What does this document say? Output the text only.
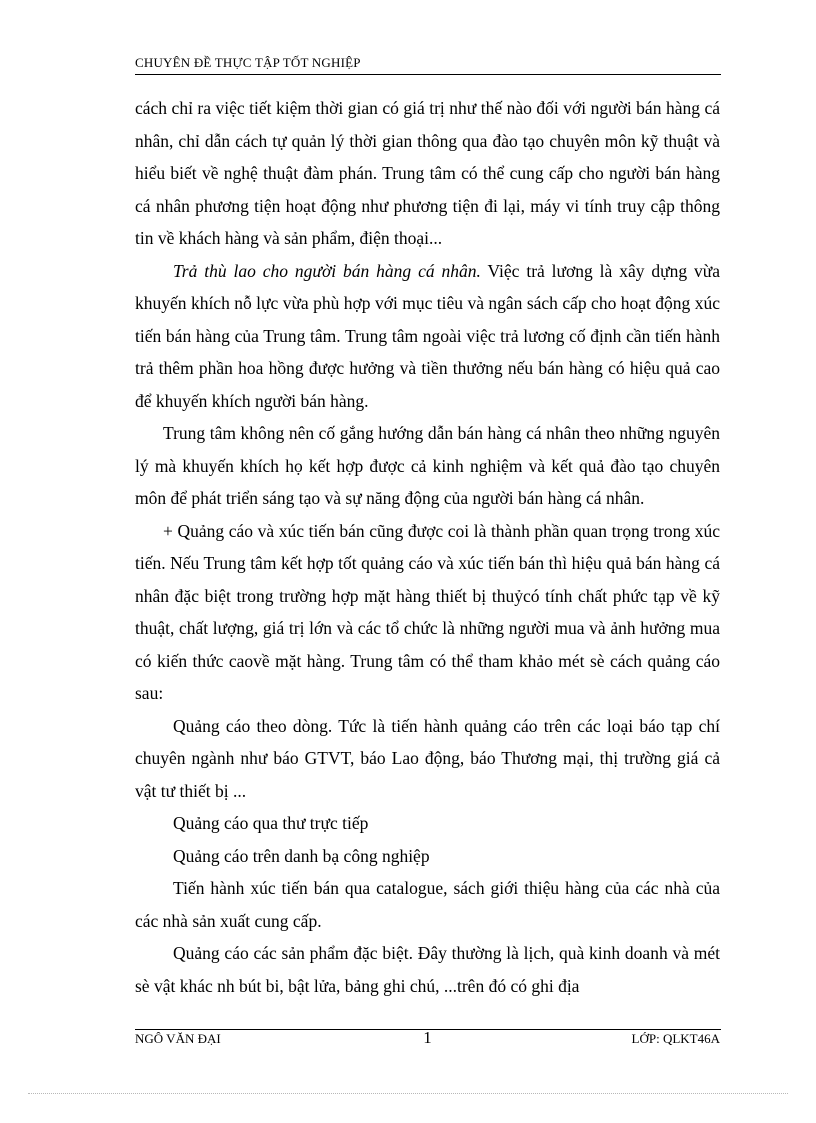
CHUYÊN ĐỀ THỰC TẬP TỐT NGHIỆP

cách chỉ ra việc tiết kiệm thời gian có giá trị như thế nào đối với người bán hàng cá nhân, chỉ dẫn cách tự quản lý thời gian thông qua đào tạo chuyên môn kỹ thuật và hiểu biết về nghệ thuật đàm phán. Trung tâm có thể cung cấp cho người bán hàng cá nhân phương tiện hoạt động như phương tiện đi lại, máy vi tính truy cập thông tin về khách hàng và sản phẩm, điện thoại...

Trả thù lao cho người bán hàng cá nhân. Việc trả lương là xây dựng vừa khuyến khích nỗ lực vừa phù hợp với mục tiêu và ngân sách cấp cho hoạt động xúc tiến bán hàng của Trung tâm. Trung tâm ngoài việc trả lương cố định cần tiến hành trả thêm phần hoa hồng được hưởng và tiền thưởng nếu bán hàng có hiệu quả cao để khuyến khích người bán hàng.

Trung tâm không nên cố gắng hướng dẫn bán hàng cá nhân theo những nguyên lý mà khuyến khích họ kết hợp được cả kinh nghiệm và kết quả đào tạo chuyên môn để phát triển sáng tạo và sự năng động của người bán hàng cá nhân.

+ Quảng cáo và xúc tiến bán cũng được coi là thành phần quan trọng trong xúc tiến. Nếu Trung tâm kết hợp tốt quảng cáo và xúc tiến bán thì hiệu quả bán hàng cá nhân đặc biệt trong trường hợp mặt hàng thiết bị thuỷcó tính chất phức tạp về kỹ thuật, chất lượng, giá trị lớn và các tổ chức là những người mua và ảnh hưởng mua có kiến thức caovề mặt hàng. Trung tâm có thể tham khảo mét sè cách quảng cáo sau:

Quảng cáo theo dòng. Tức là tiến hành quảng cáo trên các loại báo tạp chí chuyên ngành như báo GTVT, báo Lao động, báo Thương mại, thị trường giá cả vật tư thiết bị ...

Quảng cáo qua thư trực tiếp

Quảng cáo trên danh bạ công nghiệp

Tiến hành xúc tiến bán qua catalogue, sách giới thiệu hàng của các nhà của các nhà sản xuất cung cấp.

Quảng cáo các sản phẩm đặc biệt. Đây thường là lịch, quà kinh doanh và mét sè vật khác nh bút bi, bật lửa, bảng ghi chú, ...trên đó có ghi địa

NGÔ VĂN ĐẠI	1	LỚP: QLKT46A
